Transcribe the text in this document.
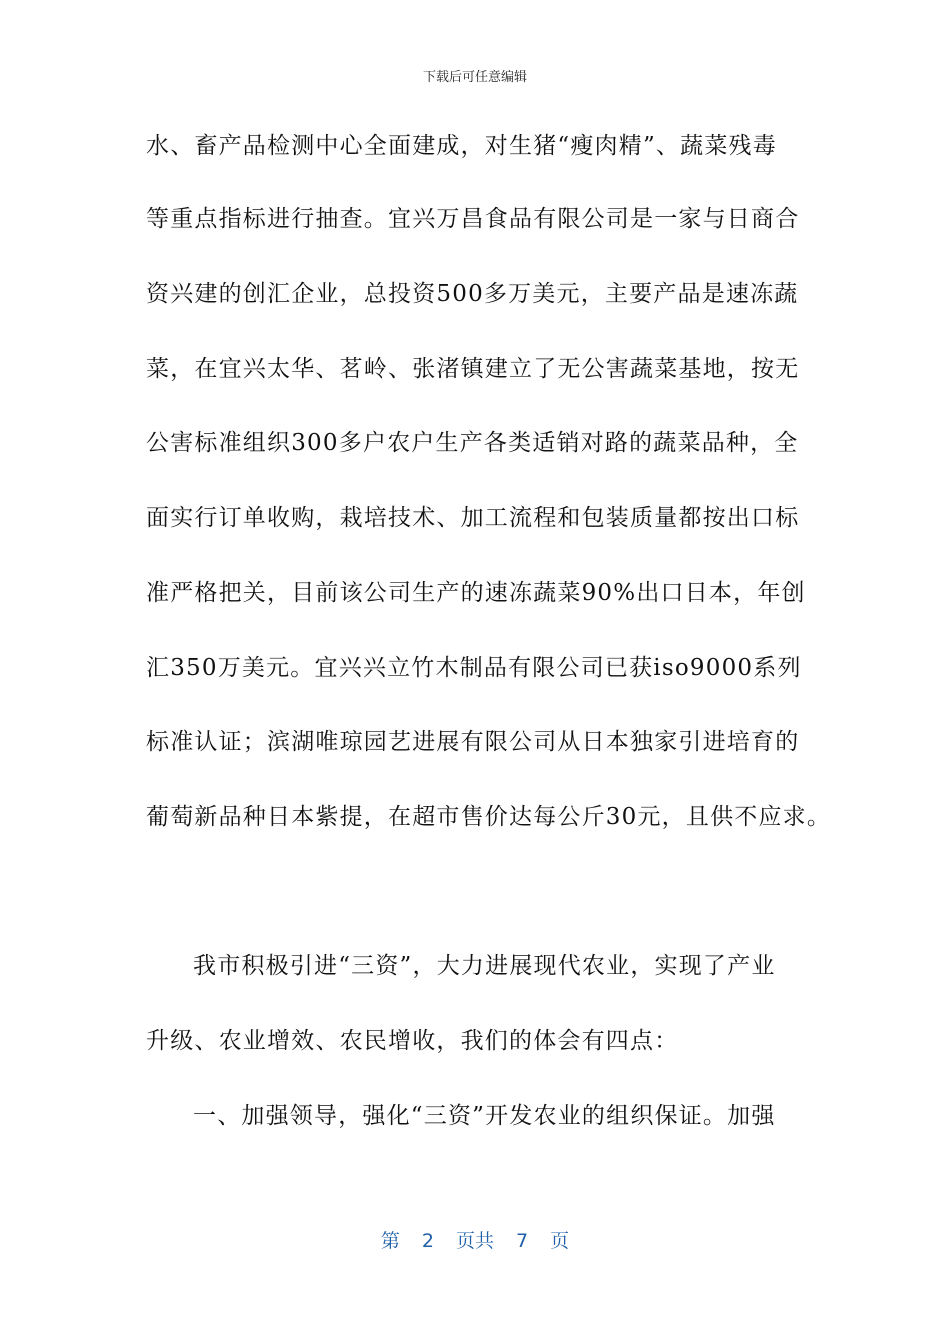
下载后可任意编辑
水、畜产品检测中心全面建成，对生猪“瘦肉精”、蔬菜残毒
等重点指标进行抽查。宜兴万昌食品有限公司是一家与日商合
资兴建的创汇企业，总投资500多万美元，主要产品是速冻蔬
菜，在宜兴太华、茗岭、张渚镇建立了无公害蔬菜基地，按无
公害标准组织300多户农户生产各类适销对路的蔬菜品种，全
面实行订单收购，栽培技术、加工流程和包装质量都按出口标
准严格把关，目前该公司生产的速冻蔬菜90%出口日本，年创
汇350万美元。宜兴兴立竹木制品有限公司已获iso9000系列
标准认证；滨湖唯琼园艺进展有限公司从日本独家引进培育的
葡萄新品种日本紫提，在超市售价达每公斤30元，且供不应求。
我市积极引进“三资”，大力进展现代农业，实现了产业
升级、农业增效、农民增收，我们的体会有四点：
一、加强领导，强化“三资”开发农业的组织保证。加强
第 2 页共 7 页
